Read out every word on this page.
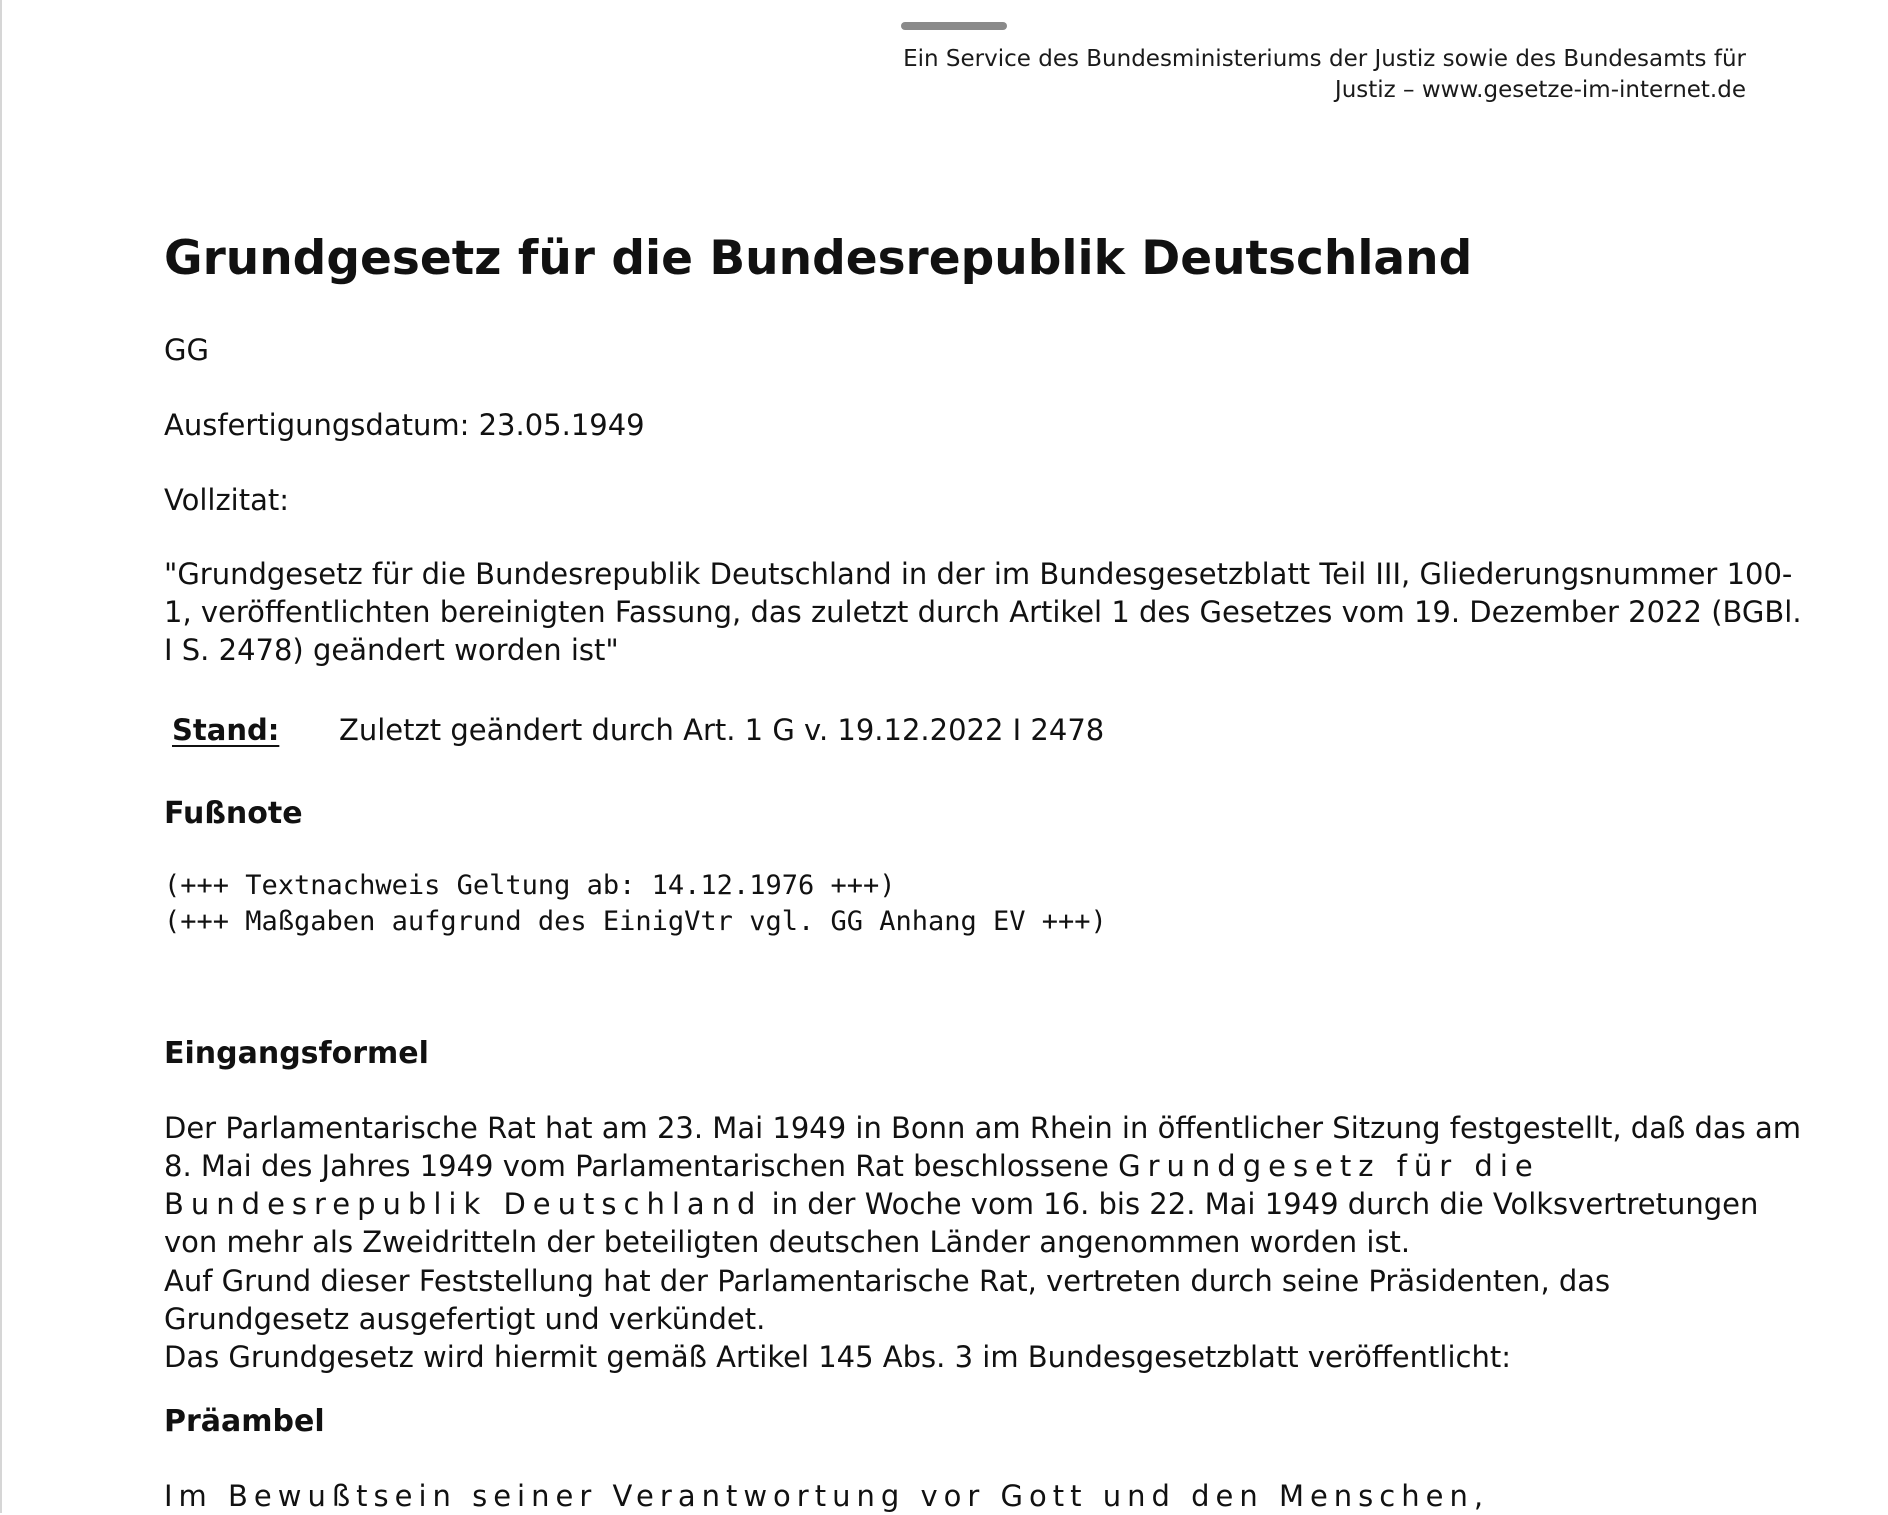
Ein Service des Bundesministeriums der Justiz sowie des Bundesamts für Justiz – www.gesetze-im-internet.de
Grundgesetz für die Bundesrepublik Deutschland

GG

Ausfertigungsdatum: 23.05.1949

Vollzitat:

"Grundgesetz für die Bundesrepublik Deutschland in der im Bundesgesetzblatt Teil III, Gliederungsnummer 100-1, veröffentlichten bereinigten Fassung, das zuletzt durch Artikel 1 des Gesetzes vom 19. Dezember 2022 (BGBl. I S. 2478) geändert worden ist"

Stand: Zuletzt geändert durch Art. 1 G v. 19.12.2022 I 2478
Fußnote
(+++ Textnachweis Geltung ab: 14.12.1976 +++)
(+++ Maßgaben aufgrund des EinigVtr vgl. GG Anhang EV +++)
Eingangsformel

Der Parlamentarische Rat hat am 23. Mai 1949 in Bonn am Rhein in öffentlicher Sitzung festgestellt, daß das am 8. Mai des Jahres 1949 vom Parlamentarischen Rat beschlossene Grundgesetz für die Bundesrepublik Deutschland in der Woche vom 16. bis 22. Mai 1949 durch die Volksvertretungen von mehr als Zweidritteln der beteiligten deutschen Länder angenommen worden ist.

Auf Grund dieser Feststellung hat der Parlamentarische Rat, vertreten durch seine Präsidenten, das Grundgesetz ausgefertigt und verkündet.

Das Grundgesetz wird hiermit gemäß Artikel 145 Abs. 3 im Bundesgesetzblatt veröffentlicht:

Präambel

Im Bewußtsein seiner Verantwortung vor Gott und den Menschen,
